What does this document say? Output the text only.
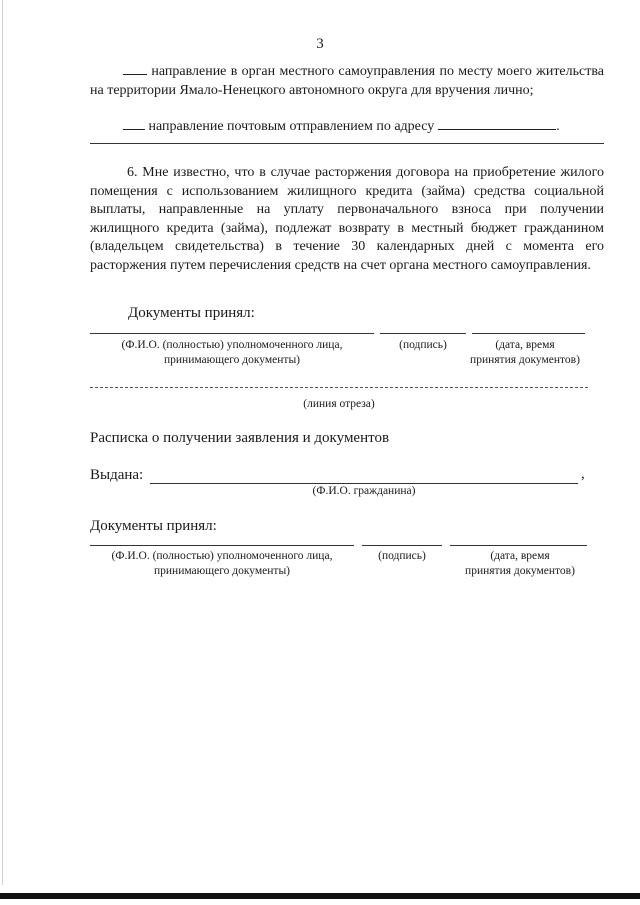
3
направление в орган местного самоуправления по месту моего жительства на территории Ямало-Ненецкого автономного округа для вручения лично;
направление почтовым отправлением по адресу	.
6. Мне известно, что в случае расторжения договора на приобретение жилого помещения с использованием жилищного кредита (займа) средства социальной выплаты, направленные на уплату первоначального взноса при получении жилищного кредита (займа), подлежат возврату в местный бюджет гражданином (владельцем свидетельства) в течение 30 календарных дней с момента его расторжения путем перечисления средств на счет органа местного самоуправления.
Документы принял:
(Ф.И.О. (полностью) уполномоченного лица,
принимающего документы)
(подпись)	(дата, время
принятия документов)
(линия отреза)
Расписка о получении заявления и документов
Выдана:	,
(Ф.И.О. гражданина)
Документы принял:
(Ф.И.О. (полностью) уполномоченного лица,
принимающего документы)
(подпись)	(дата, время
принятия документов)
